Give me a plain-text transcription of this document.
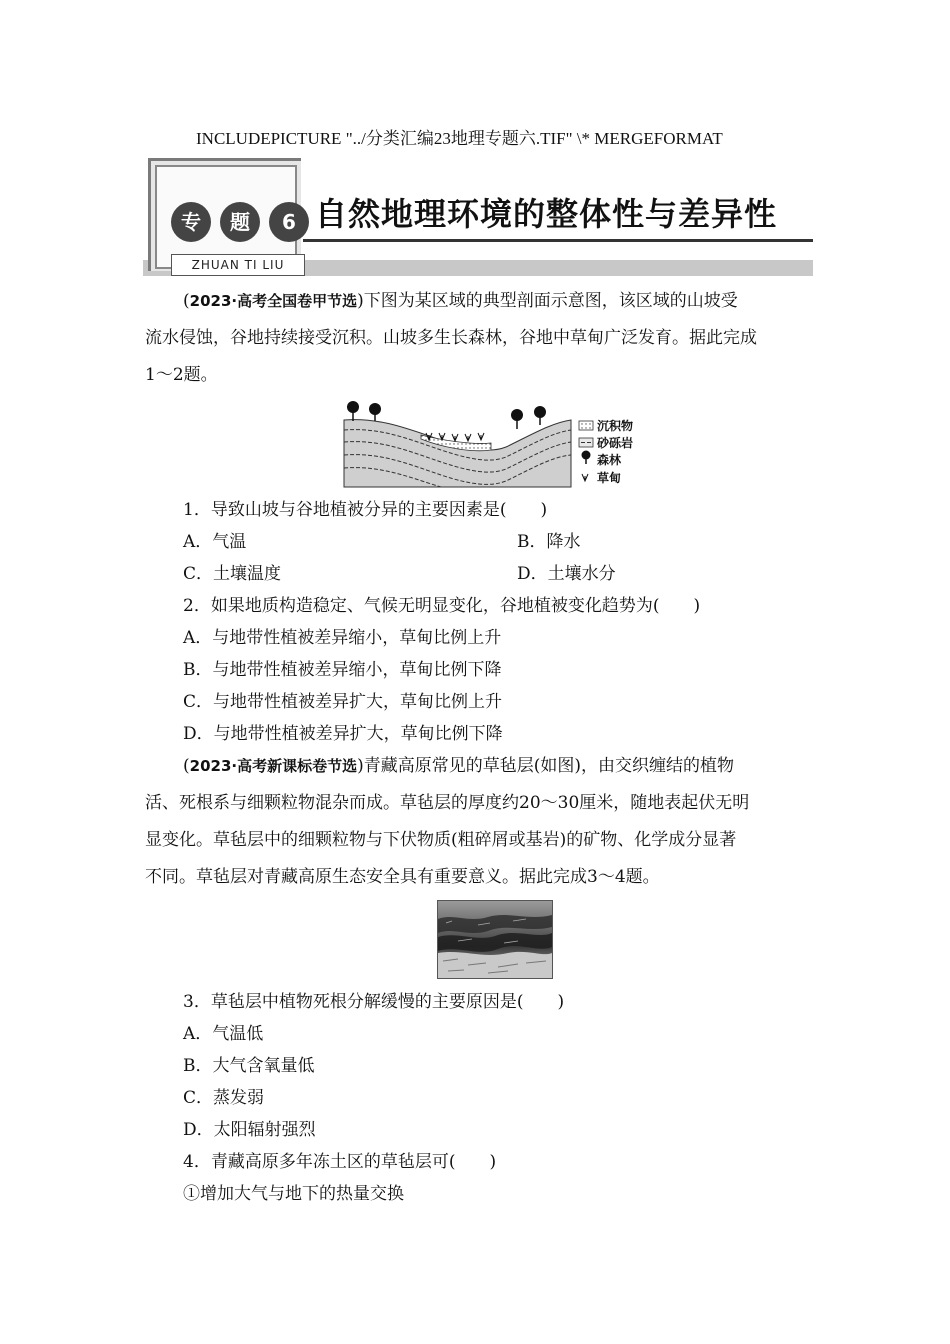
INCLUDEPICTURE "../分类汇编23地理专题六.TIF" \* MERGEFORMAT
专	题	6
ZHUAN TI LIU
自然地理环境的整体性与差异性
(2023·高考全国卷甲节选)下图为某区域的典型剖面示意图，该区域的山坡受
流水侵蚀，谷地持续接受沉积。山坡多生长森林，谷地中草甸广泛发育。据此完成
1～2题。
沉积物
砂砾岩
森林
草甸
1．导致山坡与谷地植被分异的主要因素是(　　)
A．气温	B．降水
C．土壤温度	D．土壤水分
2．如果地质构造稳定、气候无明显变化，谷地植被变化趋势为(　　)
A．与地带性植被差异缩小，草甸比例上升
B．与地带性植被差异缩小，草甸比例下降
C．与地带性植被差异扩大，草甸比例上升
D．与地带性植被差异扩大，草甸比例下降
(2023·高考新课标卷节选)青藏高原常见的草毡层(如图)，由交织缠结的植物
活、死根系与细颗粒物混杂而成。草毡层的厚度约20～30厘米，随地表起伏无明
显变化。草毡层中的细颗粒物与下伏物质(粗碎屑或基岩)的矿物、化学成分显著
不同。草毡层对青藏高原生态安全具有重要意义。据此完成3～4题。
3．草毡层中植物死根分解缓慢的主要原因是(　　)
A．气温低
B．大气含氧量低
C．蒸发弱
D．太阳辐射强烈
4．青藏高原多年冻土区的草毡层可(　　)
①增加大气与地下的热量交换
